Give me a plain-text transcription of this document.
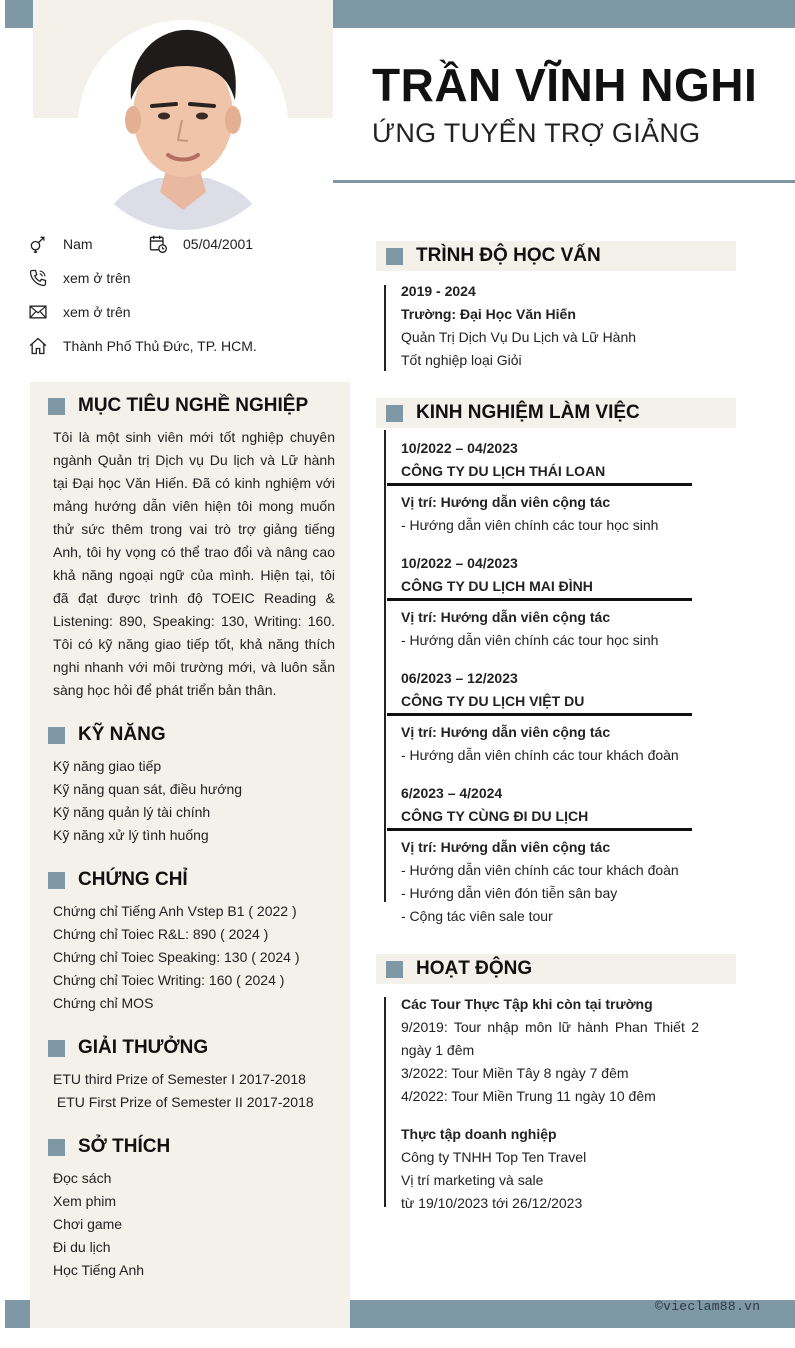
©vieclam88.vn
TRẦN VĨNH NGHI
ỨNG TUYỂN TRỢ GIẢNG
Nam	05/04/2001
xem ở trên
xem ở trên
Thành Phố Thủ Đức, TP. HCM.
MỤC TIÊU NGHỀ NGHIỆP
Tôi là một sinh viên mới tốt nghiệp chuyên ngành Quản trị Dịch vụ Du lịch và Lữ hành tại Đại học Văn Hiến. Đã có kinh nghiệm với mảng hướng dẫn viên hiện tôi mong muốn thử sức thêm trong vai trò trợ giảng tiếng Anh, tôi hy vọng có thể trao đổi và nâng cao khả năng ngoại ngữ của mình. Hiện tại, tôi đã đạt được trình độ TOEIC Reading & Listening: 890, Speaking: 130, Writing: 160. Tôi có kỹ năng giao tiếp tốt, khả năng thích nghi nhanh với môi trường mới, và luôn sẵn sàng học hỏi để phát triển bản thân.
KỸ NĂNG
Kỹ năng giao tiếp
Kỹ năng quan sát, điều hướng
Kỹ năng quản lý tài chính
Kỹ năng xử lý tình huống
CHỨNG CHỈ
Chứng chỉ Tiếng Anh Vstep B1 ( 2022 )
Chứng chỉ Toiec R&L: 890 ( 2024 )
Chứng chỉ Toiec Speaking: 130 ( 2024 )
Chứng chỉ Toiec Writing: 160 ( 2024 )
Chứng chỉ MOS
GIẢI THƯỞNG
ETU third Prize of Semester I 2017-2018
ETU First Prize of Semester II 2017-2018
SỞ THÍCH
Đọc sách
Xem phim
Chơi game
Đi du lịch
Học Tiếng Anh
TRÌNH ĐỘ HỌC VẤN
2019 - 2024
Trường: Đại Học Văn Hiến
Quản Trị Dịch Vụ Du Lịch và Lữ Hành
Tốt nghiệp loại Giỏi
KINH NGHIỆM LÀM VIỆC
10/2022 – 04/2023
CÔNG TY DU LỊCH THÁI LOAN
Vị trí: Hướng dẫn viên cộng tác
- Hướng dẫn viên chính các tour học sinh
10/2022 – 04/2023
CÔNG TY DU LỊCH MAI ĐÌNH
Vị trí: Hướng dẫn viên cộng tác
- Hướng dẫn viên chính các tour học sinh
06/2023 – 12/2023
CÔNG TY DU LỊCH VIỆT DU
Vị trí: Hướng dẫn viên cộng tác
- Hướng dẫn viên chính các tour khách đoàn
6/2023 – 4/2024
CÔNG TY CÙNG ĐI DU LỊCH
Vị trí: Hướng dẫn viên cộng tác
- Hướng dẫn viên chính các tour khách đoàn
- Hướng dẫn viên đón tiễn sân bay
- Cộng tác viên sale tour
HOẠT ĐỘNG
Các Tour Thực Tập khi còn tại trường
9/2019: Tour nhập môn lữ hành Phan Thiết 2 ngày 1 đêm
3/2022: Tour Miền Tây 8 ngày 7 đêm
4/2022: Tour Miền Trung 11 ngày 10 đêm
Thực tập doanh nghiệp
Công ty TNHH Top Ten Travel
Vị trí marketing và sale
từ 19/10/2023 tới 26/12/2023
